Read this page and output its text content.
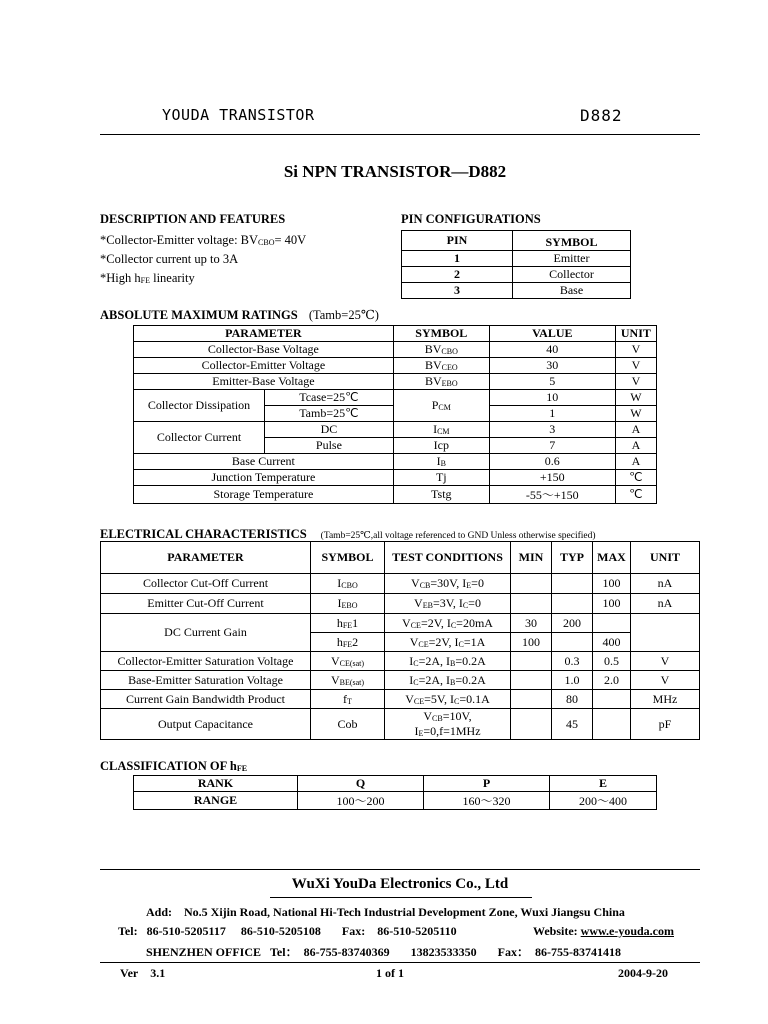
YOUDA TRANSISTOR	D882
Si NPN TRANSISTOR—D882
DESCRIPTION AND FEATURES
*Collector-Emitter voltage: $BV_{CBO}= 40V$
*Collector current up to 3A
*High $h_{FE}$ linearity
PIN CONFIGURATIONS
PIN	SYMBOL
1	Emitter
2	Collector
3	Base
ABSOLUTE MAXIMUM RATINGS (Tamb=25℃)
PARAMETER		SYMBOL	VALUE	UNIT
Collector-Base Voltage		$BV_{CBO}$	40	V
Collector-Emitter Voltage		$BV_{CEO}$	30	V
Emitter-Base Voltage		$BV_{EBO}$	5	V
Collector Dissipation	Tcase=25℃	$P_{CM}$	10	W
	Tamb=25℃		1	W
Collector Current	DC	$I_{CM}$	3	A
	Pulse	Icp	7	A
Base Current		$I_B$	0.6	A
Junction Temperature		Tj	+150	℃
Storage Temperature		Tstg	-55～+150	℃
ELECTRICAL CHARACTERISTICS (Tamb=25℃,all voltage referenced to GND Unless otherwise specified)
PARAMETER	SYMBOL	TEST CONDITIONS	MIN	TYP	MAX	UNIT
Collector Cut-Off Current	$I_{CBO}$	$V_{CB}=30V$, $I_E=0$			100	nA
Emitter Cut-Off Current	$I_{EBO}$	$V_{EB}=3V$, $I_C=0$			100	nA
DC Current Gain	$h_{FE}1$	$V_{CE}=2V$, $I_C=20mA$	30	200		
	$h_{FE}2$	$V_{CE}=2V$, $I_C=1A$	100		400	
Collector-Emitter Saturation Voltage	$V_{CE(sat)}$	$I_C=2A$, $I_B=0.2A$		0.3	0.5	V
Base-Emitter Saturation Voltage	$V_{BE(sat)}$	$I_C=2A$, $I_B=0.2A$		1.0	2.0	V
Current Gain Bandwidth Product	$f_T$	$V_{CE}=5V$, $I_C=0.1A$		80		MHz
Output Capacitance	Cob	$V_{CB}=10V$,
$I_E=0,f=1MHz$		45		pF
CLASSIFICATION OF $h_{FE}$
RANK	Q	P	E
RANGE	100～200	160～320	200～400
WuXi YouDa Electronics Co., Ltd
Add: No.5 Xijin Road, National Hi-Tech Industrial Development Zone, Wuxi Jiangsu China
Tel: 86-510-5205117 86-510-5205108 Fax: 86-510-5205110	Website: www.e-youda.com
SHENZHEN OFFICE Tel： 86-755-83740369 13823533350 Fax： 86-755-83741418
Ver 3.1	1 of 1	2004-9-20
